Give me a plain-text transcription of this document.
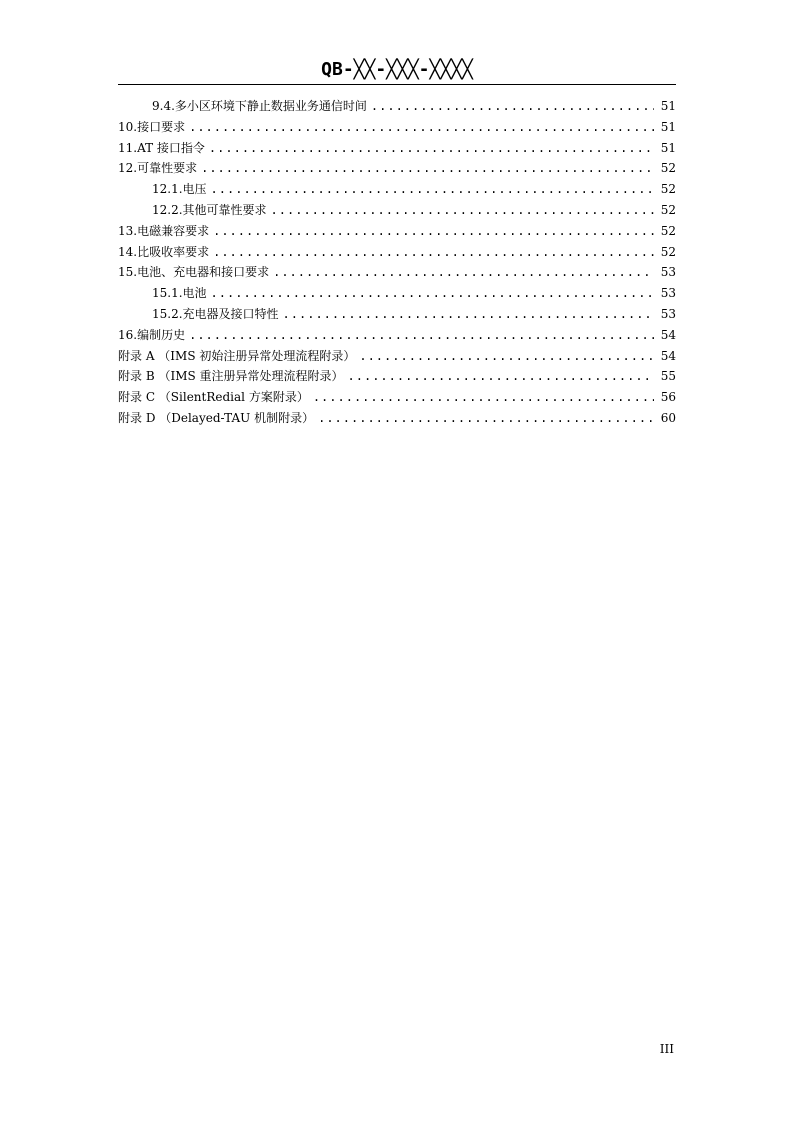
QB-╳╳-╳╳╳-╳╳╳╳
9.4.多小区环境下静止数据业务通信时间 .....	51
10.接口要求 .....	51
11.AT 接口指令 .....	51
12.可靠性要求 .....	52
12.1.电压 .....	52
12.2.其他可靠性要求 .....	52
13.电磁兼容要求 .....	52
14.比吸收率要求 .....	52
15.电池、充电器和接口要求 .....	53
15.1.电池 .....	53
15.2.充电器及接口特性 .....	53
16.编制历史 .....	54
附录 A （IMS 初始注册异常处理流程附录） .....	54
附录 B （IMS 重注册异常处理流程附录） .....	55
附录 C （SilentRedial 方案附录） .....	56
附录 D （Delayed-TAU 机制附录） .....	60
III
